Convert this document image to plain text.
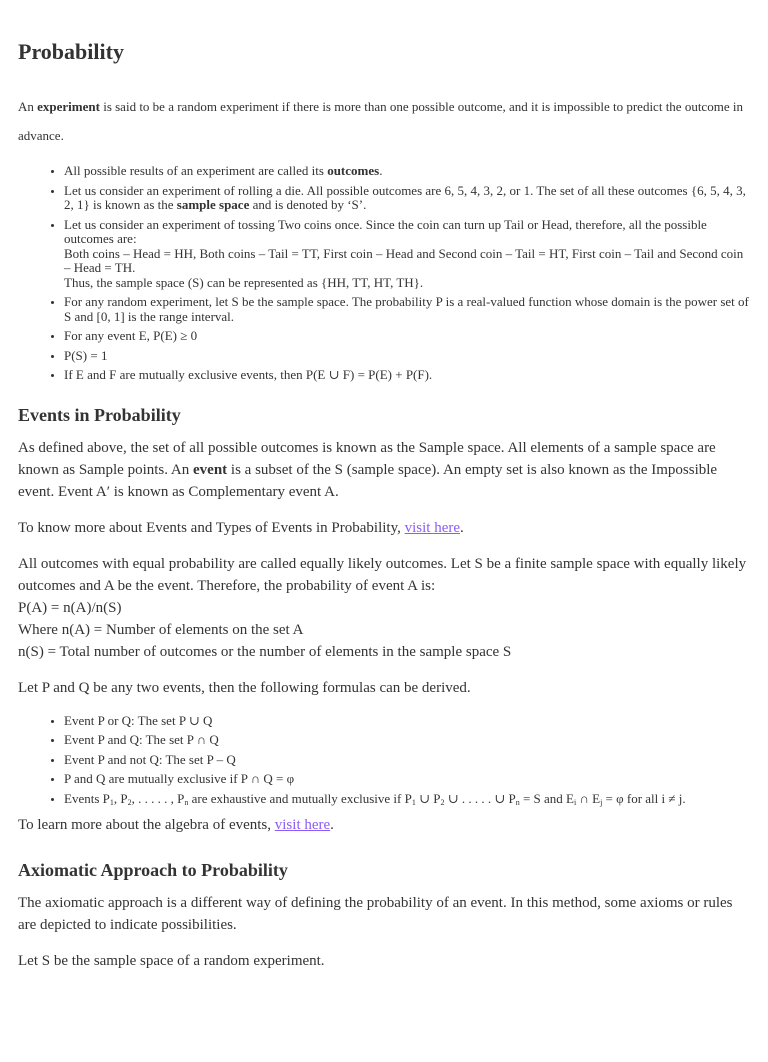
Probability

An experiment is said to be a random experiment if there is more than one possible outcome, and it is impossible to predict the outcome in advance.

• All possible results of an experiment are called its outcomes.
• Let us consider an experiment of rolling a die. All possible outcomes are 6, 5, 4, 3, 2, or 1. The set of all these outcomes {6, 5, 4, 3, 2, 1} is known as the sample space and is denoted by ‘S’.
• Let us consider an experiment of tossing Two coins once. Since the coin can turn up Tail or Head, therefore, all the possible outcomes are:
Both coins – Head = HH, Both coins – Tail = TT, First coin – Head and Second coin – Tail = HT, First coin – Tail and Second coin – Head = TH.
Thus, the sample space (S) can be represented as {HH, TT, HT, TH}.
• For any random experiment, let S be the sample space. The probability P is a real-valued function whose domain is the power set of S and [0, 1] is the range interval.
• For any event E, P(E) ≥ 0
• P(S) = 1
• If E and F are mutually exclusive events, then P(E ∪ F) = P(E) + P(F).
Events in Probability

As defined above, the set of all possible outcomes is known as the Sample space. All elements of a sample space are known as Sample points. An event is a subset of the S (sample space). An empty set is also known as the Impossible event. Event A′ is known as Complementary event A.

To know more about Events and Types of Events in Probability, visit here.

All outcomes with equal probability are called equally likely outcomes. Let S be a finite sample space with equally likely outcomes and A be the event. Therefore, the probability of event A is:
P(A) = n(A)/n(S)
Where n(A) = Number of elements on the set A
n(S) = Total number of outcomes or the number of elements in the sample space S

Let P and Q be any two events, then the following formulas can be derived.

• Event P or Q: The set P ∪ Q
• Event P and Q: The set P ∩ Q
• Event P and not Q: The set P – Q
• P and Q are mutually exclusive if P ∩ Q = φ
• Events $P_1$, $P_2$, . . . . . , $P_n$ are exhaustive and mutually exclusive if $P_1$ ∪ $P_2$ ∪ . . . . . ∪ $P_n = S$ and $E_i$ ∩ $E_j = \varphi$ for all i ≠ j.

To learn more about the algebra of events, visit here.

Axiomatic Approach to Probability

The axiomatic approach is a different way of defining the probability of an event. In this method, some axioms or rules are depicted to indicate possibilities.

Let S be the sample space of a random experiment.
